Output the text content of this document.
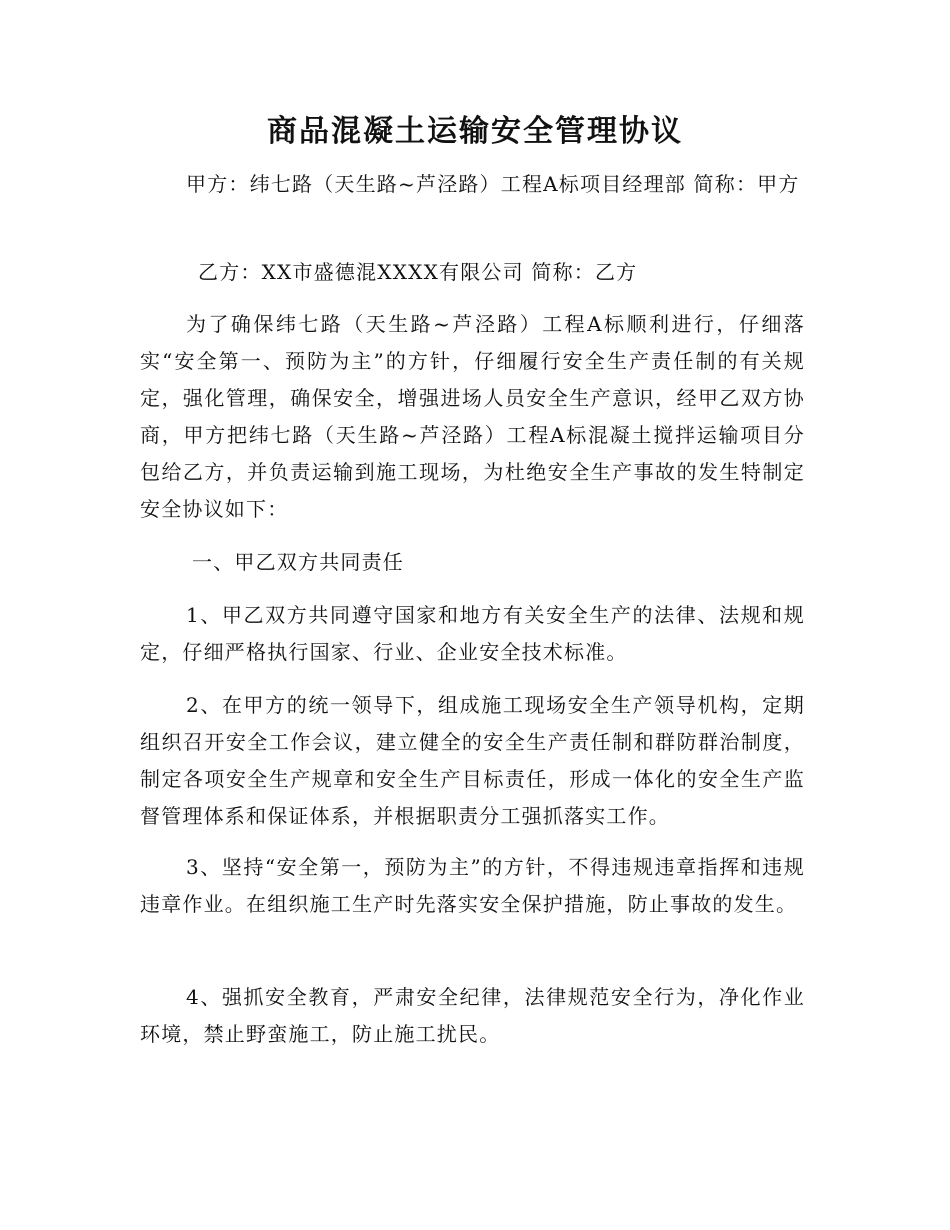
商品混凝土运输安全管理协议
甲方：纬七路（天生路~芦泾路）工程A标项目经理部 简称：甲方
乙方：XX市盛德混XXXX有限公司 简称：乙方
为了确保纬七路（天生路~芦泾路）工程A标顺利进行，仔细落实“安全第一、预防为主”的方针，仔细履行安全生产责任制的有关规定，强化管理，确保安全，增强进场人员安全生产意识，经甲乙双方协商，甲方把纬七路（天生路~芦泾路）工程A标混凝土搅拌运输项目分包给乙方，并负责运输到施工现场，为杜绝安全生产事故的发生特制定安全协议如下：
一、甲乙双方共同责任
1、甲乙双方共同遵守国家和地方有关安全生产的法律、法规和规定，仔细严格执行国家、行业、企业安全技术标准。
2、在甲方的统一领导下，组成施工现场安全生产领导机构，定期组织召开安全工作会议，建立健全的安全生产责任制和群防群治制度，制定各项安全生产规章和安全生产目标责任，形成一体化的安全生产监督管理体系和保证体系，并根据职责分工强抓落实工作。
3、坚持“安全第一，预防为主”的方针，不得违规违章指挥和违规违章作业。在组织施工生产时先落实安全保护措施，防止事故的发生。
4、强抓安全教育，严肃安全纪律，法律规范安全行为，净化作业环境，禁止野蛮施工，防止施工扰民。
